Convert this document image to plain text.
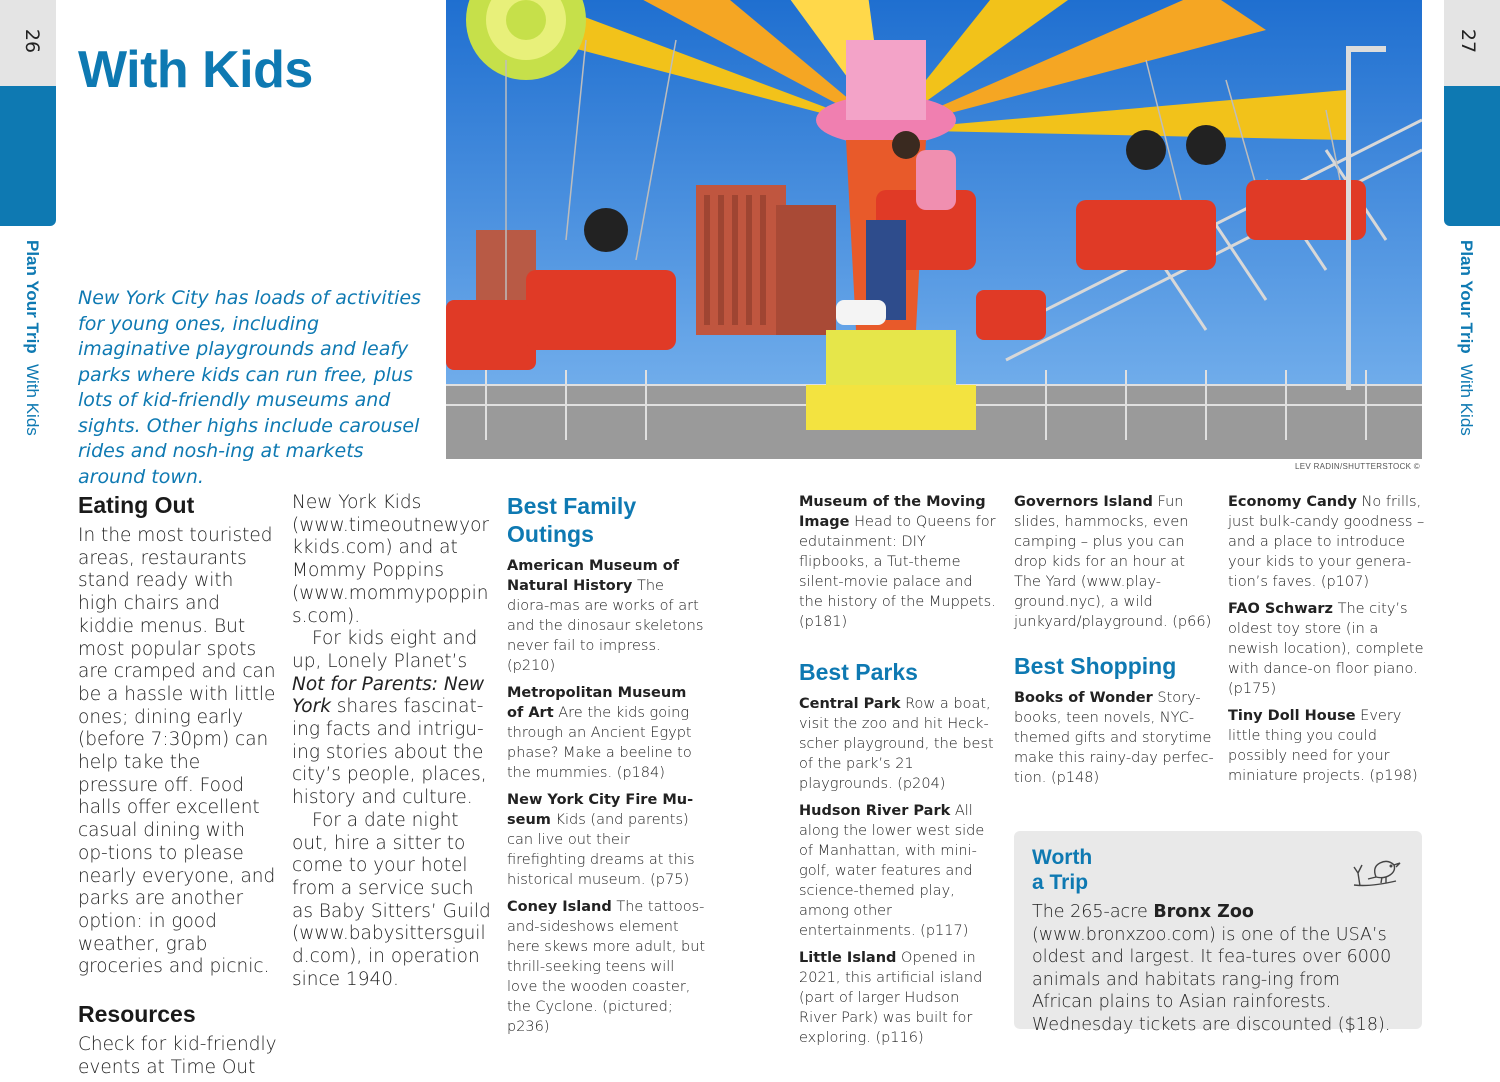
26
Plan Your TripWith Kids
27
Plan Your TripWith Kids
With Kids

New York City has loads of activities for young ones, including imaginative playgrounds and leafy parks where kids can run free, plus lots of kid-friendly museums and sights. Other highs include carousel rides and nosh-ing at markets around town.	LEV RADIN/SHUTTERSTOCK ©
Eating Out

In the most touristed areas, restaurants stand ready with high chairs and kiddie menus. But most popular spots are cramped and can be a hassle with little ones; dining early (before 7:30pm) can help take the pressure off. Food halls offer excellent casual dining with op-tions to please nearly everyone, and parks are another option: in good weather, grab groceries and picnic.

Resources

Check for kid-friendly events at Time Out

New York Kids (www.timeoutnewyorkkids.com) and at Mommy Poppins (www.mommypoppins.com).

For kids eight and up, Lonely Planet’s Not for Parents: New York shares fascinat-ing facts and intrigu-ing stories about the city’s people, places, history and culture.

For a date night out, hire a sitter to come to your hotel from a service such as Baby Sitters’ Guild (www.babysittersguild.com), in operation since 1940.

Best Family Outings

American Museum of Natural History The diora-mas are works of art and the dinosaur skeletons never fail to impress. (p210)

Metropolitan Museum of Art Are the kids going through an Ancient Egypt phase? Make a beeline to the mummies. (p184)

New York City Fire Mu-seum Kids (and parents) can live out their firefighting dreams at this historical museum. (p75)

Coney Island The tattoos-and-sideshows element here skews more adult, but thrill-seeking teens will love the wooden coaster, the Cyclone. (pictured; p236)

Museum of the Moving Image Head to Queens for edutainment: DIY flipbooks, a Tut-theme silent-movie palace and the history of the Muppets. (p181)

Best Parks

Central Park Row a boat, visit the zoo and hit Heck-scher playground, the best of the park’s 21 playgrounds. (p204)

Hudson River Park All along the lower west side of Manhattan, with mini-golf, water features and science-themed play, among other entertainments. (p117)

Little Island Opened in 2021, this artificial island (part of larger Hudson River Park) was built for exploring. (p116)

Governors Island Fun slides, hammocks, even camping – plus you can drop kids for an hour at The Yard (www.play-ground.nyc), a wild junkyard/playground. (p66)

Best Shopping

Books of Wonder Story-books, teen novels, NYC-themed gifts and storytime make this rainy-day perfec-tion. (p148)

Economy Candy No frills, just bulk-candy goodness – and a place to introduce your kids to your genera-tion’s faves. (p107)

FAO Schwarz The city’s oldest toy store (in a newish location), complete with dance-on floor piano. (p175)

Tiny Doll House Every little thing you could possibly need for your miniature projects. (p198)

Worth
a Trip

The 265-acre Bronx Zoo (www.bronxzoo.com) is one of the USA’s oldest and largest. It fea-tures over 6000 animals and habitats rang-ing from African plains to Asian rainforests. Wednesday tickets are discounted ($18).
